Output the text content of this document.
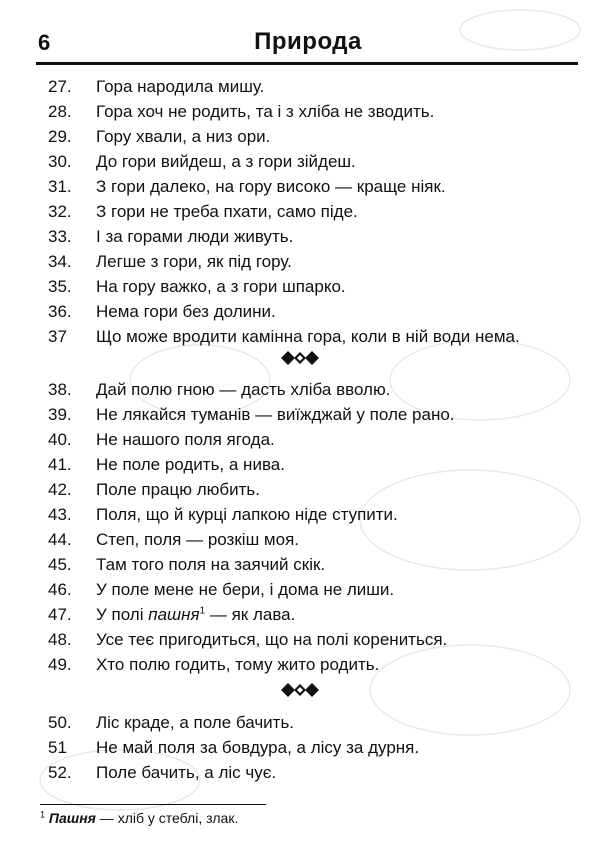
6	Природа
27. Гора народила мишу.
28. Гора хоч не родить, та і з хліба не зводить.
29. Гору хвали, а низ ори.
30. До гори вийдеш, а з гори зійдеш.
31. З гори далеко, на гору високо — краще ніяк.
32. З гори не треба пхати, само піде.
33. І за горами люди живуть.
34. Легше з гори, як під гору.
35. На гору важко, а з гори шпарко.
36. Нема гори без долини.
37 Що може вродити камінна гора, коли в ній води нема.
38. Дай полю гною — дасть хліба вволю.
39. Не лякайся туманів — виїжджай у поле рано.
40. Не нашого поля ягода.
41. Не поле родить, а нива.
42. Поле працю любить.
43. Поля, що й курці лапкою ніде ступити.
44. Степ, поля — розкіш моя.
45. Там того поля на заячий скік.
46. У поле мене не бери, і дома не лиши.
47. У полі пашня$^1$ — як лава.
48. Усе теє пригодиться, що на полі корениться.
49. Хто полю годить, тому жито родить.
50. Ліс краде, а поле бачить.
51 Не май поля за бовдура, а лісу за дурня.
52. Поле бачить, а ліс чує.
$^1$ Пашня — хліб у стеблі, злак.
